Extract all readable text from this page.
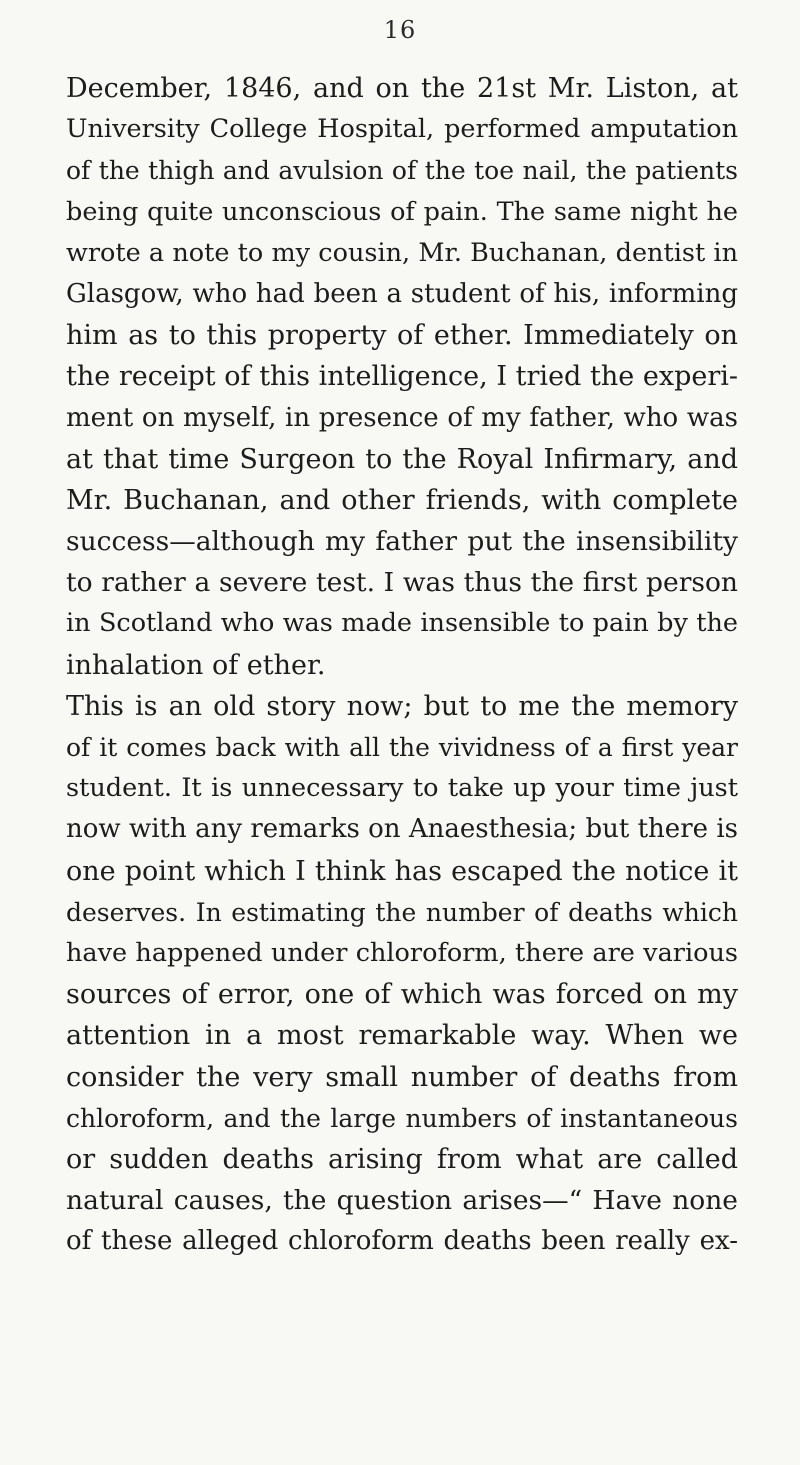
16
December, 1846, and on the 21st Mr. Liston, at
University College Hospital, performed amputation
of the thigh and avulsion of the toe nail, the patients
being quite unconscious of pain. The same night he
wrote a note to my cousin, Mr. Buchanan, dentist in
Glasgow, who had been a student of his, informing
him as to this property of ether. Immediately on
the receipt of this intelligence, I tried the experi-
ment on myself, in presence of my father, who was
at that time Surgeon to the Royal Infirmary, and
Mr. Buchanan, and other friends, with complete
success—although my father put the insensibility
to rather a severe test. I was thus the first person
in Scotland who was made insensible to pain by the
inhalation of ether.
This is an old story now; but to me the memory
of it comes back with all the vividness of a first year
student. It is unnecessary to take up your time just
now with any remarks on Anaesthesia; but there is
one point which I think has escaped the notice it
deserves. In estimating the number of deaths which
have happened under chloroform, there are various
sources of error, one of which was forced on my
attention in a most remarkable way. When we
consider the very small number of deaths from
chloroform, and the large numbers of instantaneous
or sudden deaths arising from what are called
natural causes, the question arises—“ Have none
of these alleged chloroform deaths been really ex-
